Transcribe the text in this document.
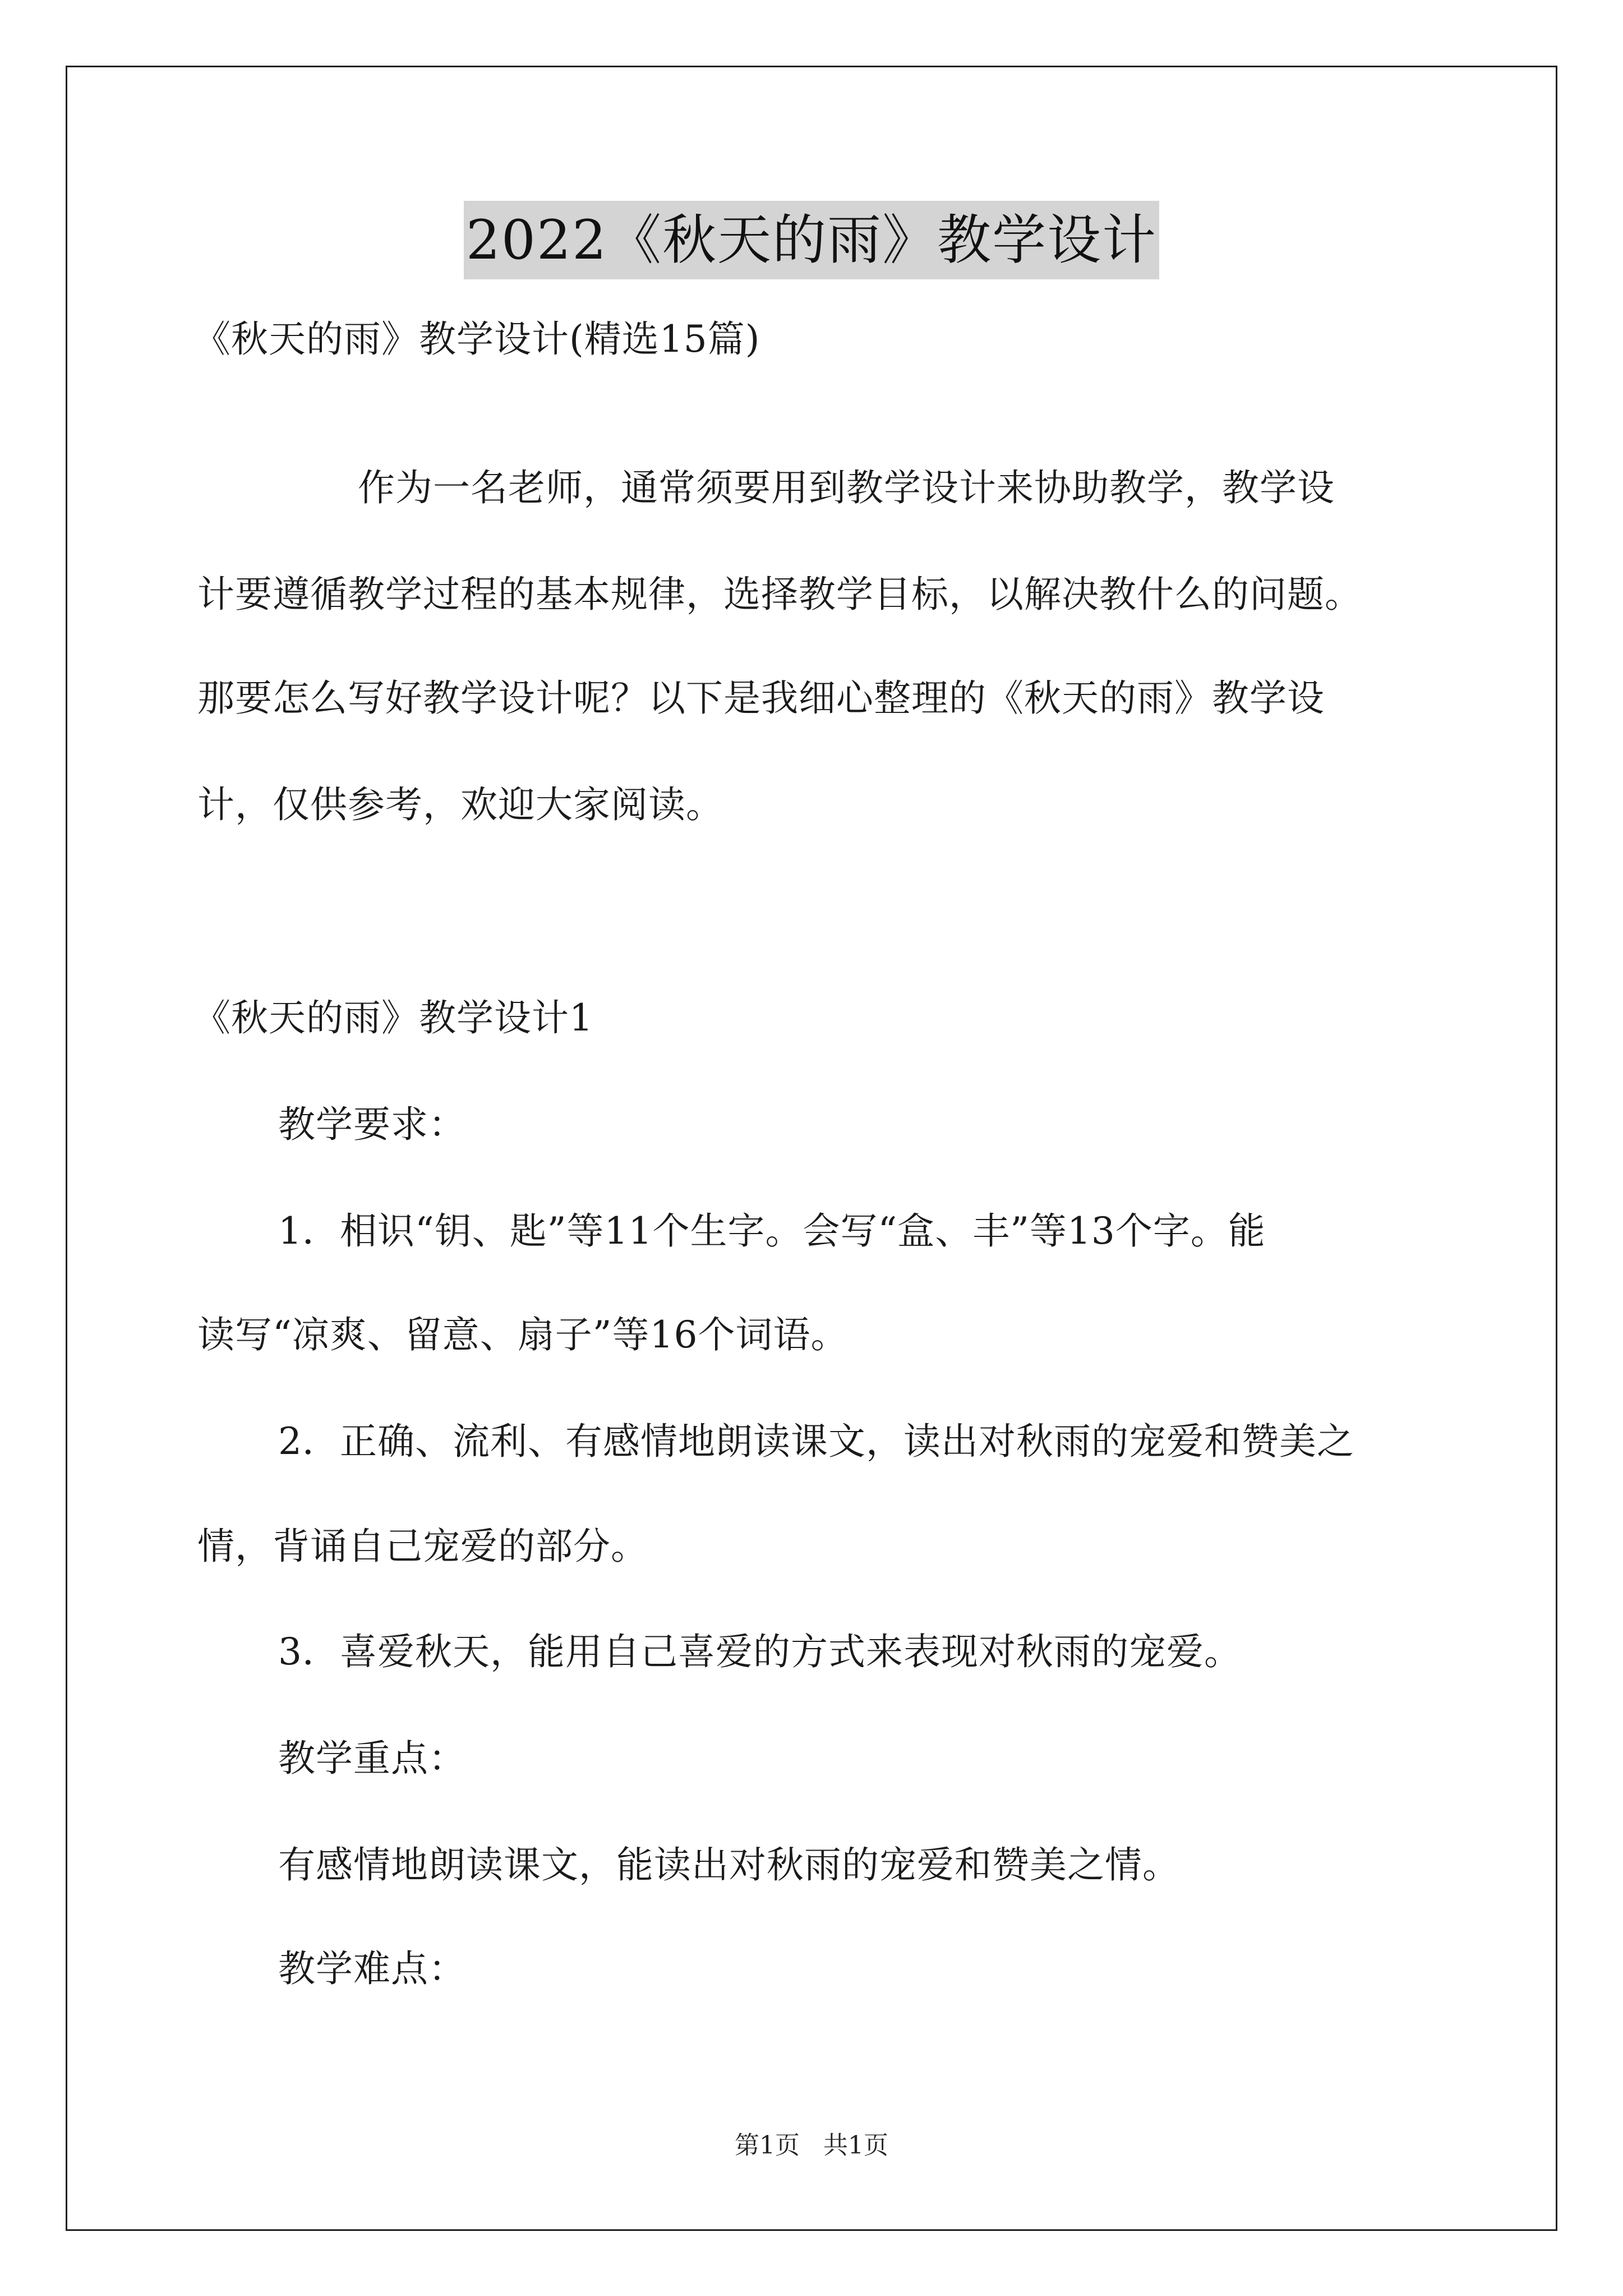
2022《秋天的雨》教学设计
《秋天的雨》教学设计(精选15篇)
作为一名老师，通常须要用到教学设计来协助教学，教学设
计要遵循教学过程的基本规律，选择教学目标，以解决教什么的问题。
那要怎么写好教学设计呢？以下是我细心整理的《秋天的雨》教学设
计，仅供参考，欢迎大家阅读。
《秋天的雨》教学设计1
教学要求：
1．相识“钥、匙”等11个生字。会写“盒、丰”等13个字。能
读写“凉爽、留意、扇子”等16个词语。
2．正确、流利、有感情地朗读课文，读出对秋雨的宠爱和赞美之
情，背诵自己宠爱的部分。
3．喜爱秋天，能用自己喜爱的方式来表现对秋雨的宠爱。
教学重点：
有感情地朗读课文，能读出对秋雨的宠爱和赞美之情。
教学难点：
第1页 共1页
